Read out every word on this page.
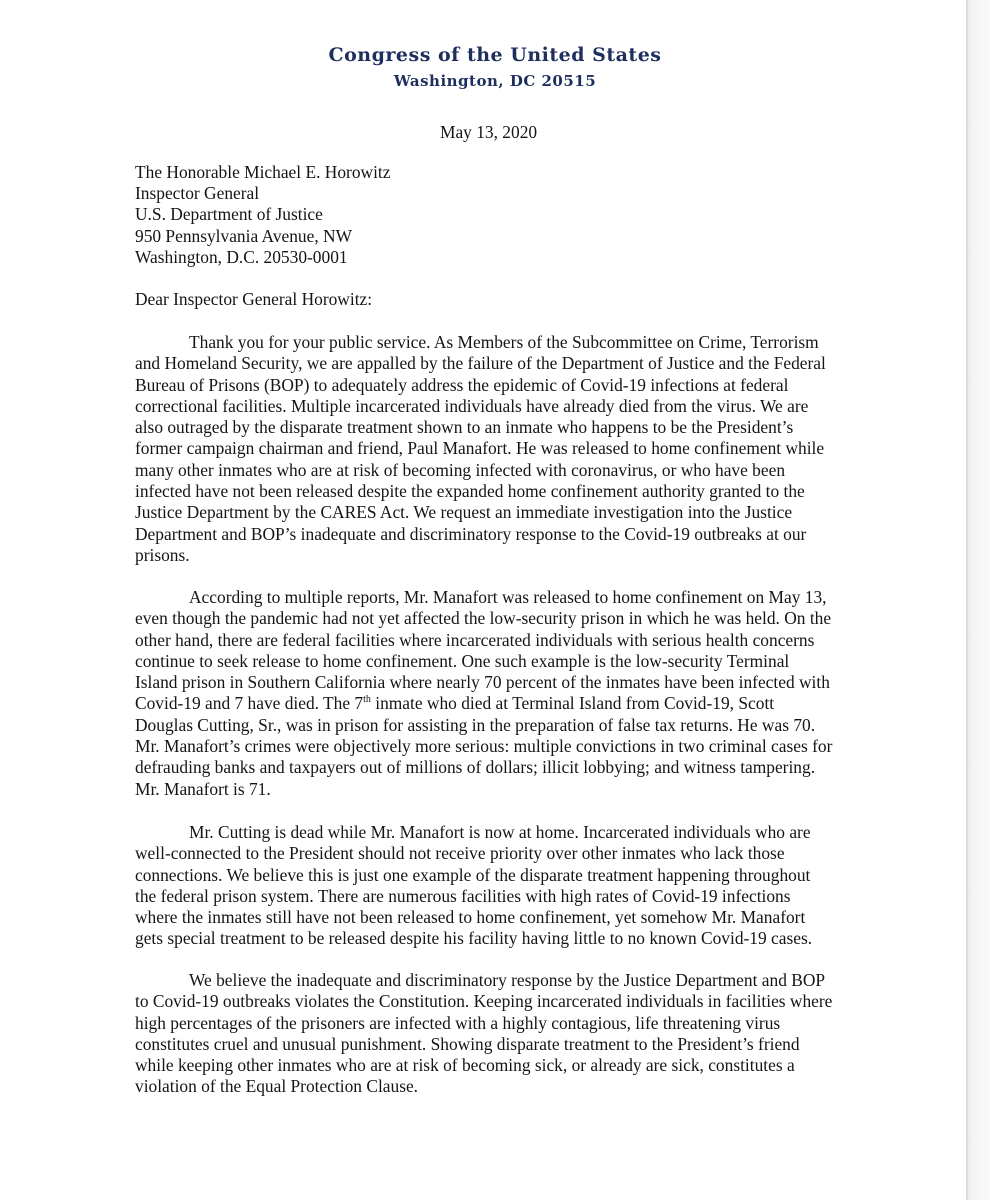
Congress of the United States
Washington, DC 20515

May 13, 2020

The Honorable Michael E. Horowitz
Inspector General
U.S. Department of Justice
950 Pennsylvania Avenue, NW
Washington, D.C. 20530-0001

Dear Inspector General Horowitz:

Thank you for your public service. As Members of the Subcommittee on Crime, Terrorism and Homeland Security, we are appalled by the failure of the Department of Justice and the Federal Bureau of Prisons (BOP) to adequately address the epidemic of Covid-19 infections at federal correctional facilities. Multiple incarcerated individuals have already died from the virus. We are also outraged by the disparate treatment shown to an inmate who happens to be the President’s former campaign chairman and friend, Paul Manafort. He was released to home confinement while many other inmates who are at risk of becoming infected with coronavirus, or who have been infected have not been released despite the expanded home confinement authority granted to the Justice Department by the CARES Act. We request an immediate investigation into the Justice Department and BOP’s inadequate and discriminatory response to the Covid-19 outbreaks at our prisons.

According to multiple reports, Mr. Manafort was released to home confinement on May 13, even though the pandemic had not yet affected the low-security prison in which he was held. On the other hand, there are federal facilities where incarcerated individuals with serious health concerns continue to seek release to home confinement. One such example is the low-security Terminal Island prison in Southern California where nearly 70 percent of the inmates have been infected with Covid-19 and 7 have died. The 7th inmate who died at Terminal Island from Covid-19, Scott Douglas Cutting, Sr., was in prison for assisting in the preparation of false tax returns. He was 70. Mr. Manafort’s crimes were objectively more serious: multiple convictions in two criminal cases for defrauding banks and taxpayers out of millions of dollars; illicit lobbying; and witness tampering. Mr. Manafort is 71.

Mr. Cutting is dead while Mr. Manafort is now at home. Incarcerated individuals who are well-connected to the President should not receive priority over other inmates who lack those connections. We believe this is just one example of the disparate treatment happening throughout the federal prison system. There are numerous facilities with high rates of Covid-19 infections where the inmates still have not been released to home confinement, yet somehow Mr. Manafort gets special treatment to be released despite his facility having little to no known Covid-19 cases.

We believe the inadequate and discriminatory response by the Justice Department and BOP to Covid-19 outbreaks violates the Constitution. Keeping incarcerated individuals in facilities where high percentages of the prisoners are infected with a highly contagious, life threatening virus constitutes cruel and unusual punishment. Showing disparate treatment to the President’s friend while keeping other inmates who are at risk of becoming sick, or already are sick, constitutes a violation of the Equal Protection Clause.
